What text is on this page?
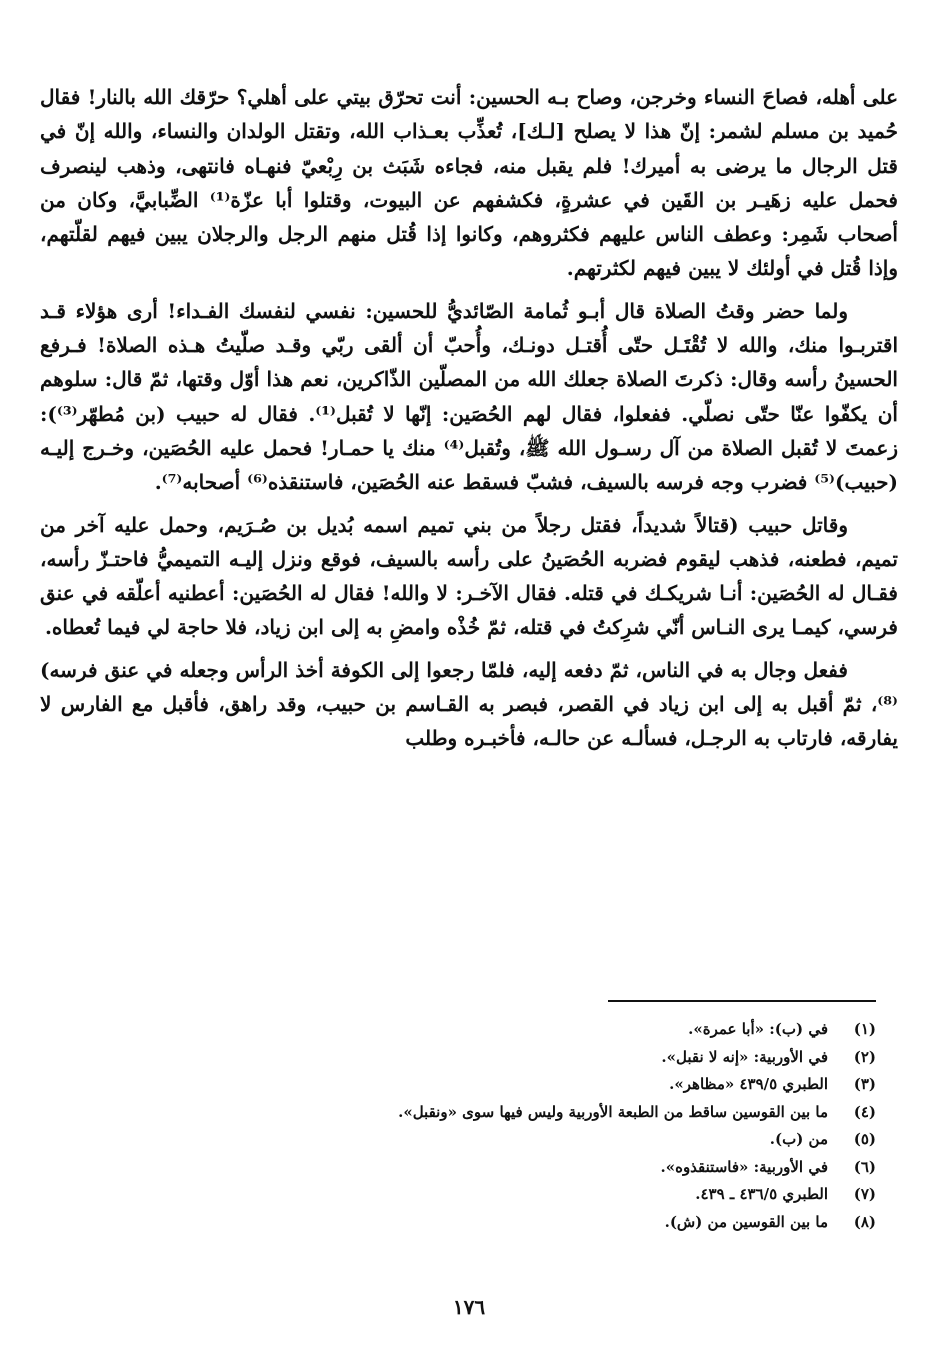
على أهله، فصاحَ النساء وخرجن، وصاح بـه الحسين: أنت تحرّق بيتي على أهلي؟ حرّقك الله بالنار! فقال حُميد بن مسلم لشمر: إنّ هذا لا يصلح [لـك]، تُعذِّب بعـذاب الله، وتقتل الولدان والنساء، والله إنّ في قتل الرجال ما يرضى به أميرك! فلم يقبل منه، فجاءه شَبَث بن رِبْعيّ فنهـاه فانتهى، وذهب لينصرف فحمل عليه زهَيـر بن القَين في عشرةٍ، فكشفهم عن البيوت، وقتلوا أبا عزّة⁽¹⁾ الضِّبابيَّ، وكان من أصحاب شَمِر: وعطف الناس عليهم فكثروهم، وكانوا إذا قُتل منهم الرجل والرجلان يبين فيهم لقلّتهم، وإذا قُتل في أولئك لا يبين فيهم لكثرتهم.

ولما حضر وقتُ الصلاة قال أبـو ثُمامة الصّائديُّ للحسين: نفسي لنفسك الفـداء! أرى هؤلاء قـد اقتربـوا منك، والله لا تُقْتَـل حتّى أُقتـل دونـك، وأُحبّ أن ألقى ربّي وقـد صلّيتُ هـذه الصلاة! فـرفع الحسينُ رأسه وقال: ذكرتَ الصلاة جعلك الله من المصلّين الذّاكرين، نعم هذا أوّل وقتها، ثمّ قال: سلوهم أن يكفّوا عنّا حتّى نصلّي. ففعلوا، فقال لهم الحُصَين: إنّها لا تُقبل⁽¹⁾. فقال له حبيب (بن مُطهّر⁽³⁾): زعمتَ لا تُقبل الصلاة من آل رسـول الله ﷺ، وتُقبل⁽⁴⁾ منك يا حمـار! فحمل عليه الحُصَين، وخـرج إليـه (حبيب)⁽⁵⁾ فضرب وجه فرسه بالسيف، فشبّ فسقط عنه الحُصَين، فاستنقذه⁽⁶⁾ أصحابه⁽⁷⁾.

وقاتل حبيب (قتالاً شديداً، فقتل رجلاً من بني تميم اسمه بُديل بن صُـرَيم، وحمل عليه آخر من تميم، فطعنه، فذهب ليقوم فضربه الحُصَينُ على رأسه بالسيف، فوقع ونزل إليـه التميميُّ فاحتـزّ رأسه، فقـال له الحُصَين: أنـا شريكـك في قتله. فقال الآخـر: لا والله! فقال له الحُصَين: أعطنيه أعلّقه في عنق فرسي، كيمـا يرى النـاس أنّي شرِكتُ في قتله، ثمّ خُذْه وامضِ به إلى ابن زياد، فلا حاجة لي فيما تُعطاه.

ففعل وجال به في الناس، ثمّ دفعه إليه، فلمّا رجعوا إلى الكوفة أخذ الرأس وجعله في عنق فرسه)⁽⁸⁾، ثمّ أقبل به إلى ابن زياد في القصر، فبصر به القـاسم بن حبيب، وقد راهق، فأقبل مع الفارس لا يفارقه، فارتاب به الرجـل، فسألـه عن حالـه، فأخبـره وطلب

(١)
في (ب): «أبا عمرة».
(٢)
في الأوربية: «إنه لا نقبل».
(٣)
الطبري ٤٣٩/٥ «مظاهر».
(٤)
ما بين القوسين ساقط من الطبعة الأوربية وليس فيها سوى «ونقبل».
(٥)
من (ب).
(٦)
في الأوربية: «فاستنقذوه».
(٧)
الطبري ٤٣٦/٥ ـ ٤٣٩.
(٨)
ما بين القوسين من (ش).
١٧٦
